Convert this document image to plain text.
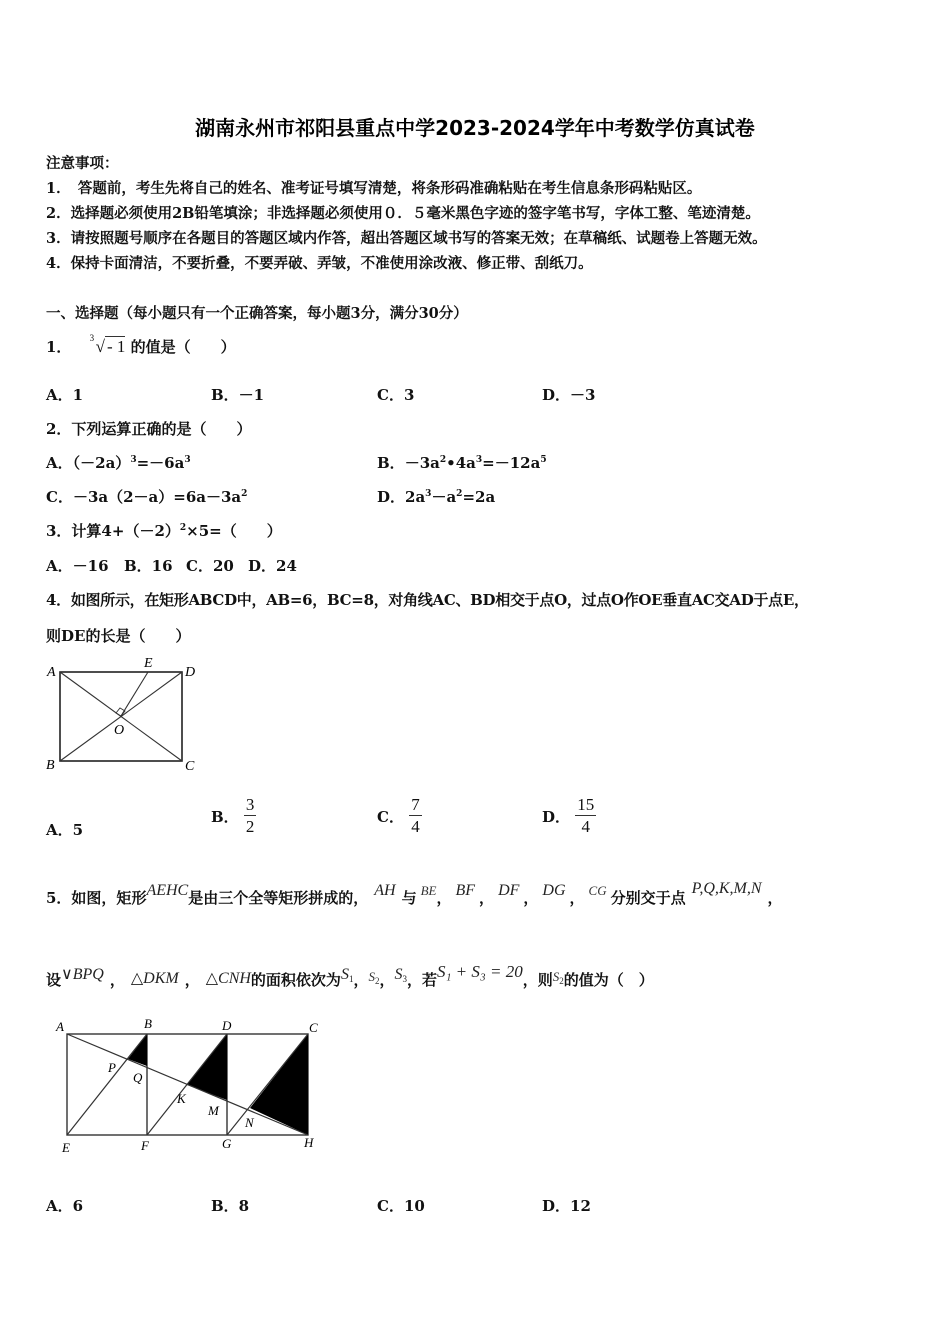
湖南永州市祁阳县重点中学2023-2024学年中考数学仿真试卷
注意事项：
1．　答题前，考生先将自己的姓名、准考证号填写清楚，将条形码准确粘贴在考生信息条形码粘贴区。
2．选择题必须使用2B铅笔填涂；非选择题必须使用０．５毫米黑色字迹的签字笔书写，字体工整、笔迹清楚。
3．请按照题号顺序在各题目的答题区域内作答，超出答题区域书写的答案无效；在草稿纸、试题卷上答题无效。
4．保持卡面清洁，不要折叠，不要弄破、弄皱，不准使用涂改液、修正带、刮纸刀。
一、选择题（每小题只有一个正确答案，每小题3分，满分30分）
1． 3 √ - 1 的值是（　　）
A．1	B．－1	C．3	D．－3
2．下列运算正确的是（　　）
A．$(-2a)^3=-6a^3$	B．$-3a^2•4a^3=-12a^5$
C．$-3a(2-a)=6a-3a^2$	D．$2a^3-a^2=2a$
3．计算$4+(-2)^2\times 5=$（　　）
A．－16 B．16 C．20 D．24
4．如图所示，在矩形ABCD中，AB=6，BC=8，对角线AC、BD相交于点O，过点O作OE垂直AC交AD于点E，
则DE的长是（　　）
A
E
D
O
B	C
A．5
B． $\frac{3}{2}$	C． $\frac{7}{4}$	D． $\frac{15}{4}$
5．如图，矩形AEHC是由三个全等矩形拼成的， AH 与 BE， BF ， DF ， DG ， CG 分别交于点P,Q,K,M,N，
设∨BPQ ， △DKM ， △CNH的面积依次为$S_1$，$S_2$，$S_3$，若S₁ + S₃ = 20，则$S_2$的值为（　）
A	B	D	C
P
Q
K
M
N
E	F	G	H
A．6	B．8	C．10	D．12
